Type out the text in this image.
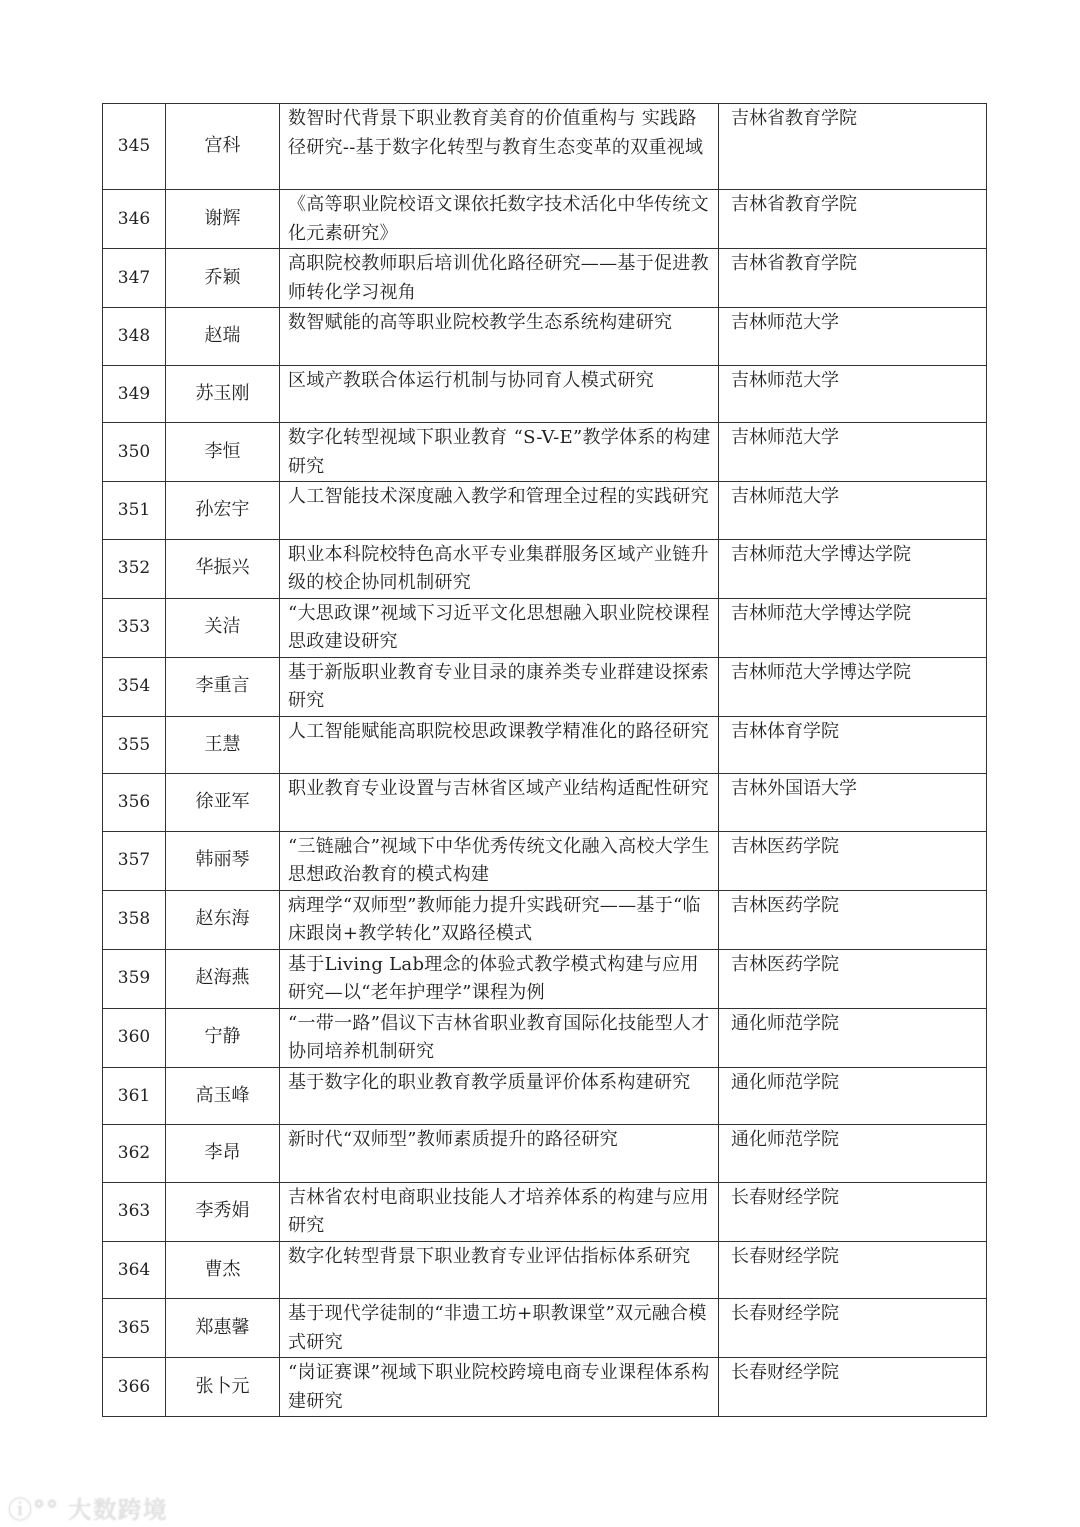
345	宫科	数智时代背景下职业教育美育的价值重构与 实践路径研究--基于数字化转型与教育生态变革的双重视域	吉林省教育学院
346	谢辉	《高等职业院校语文课依托数字技术活化中华传统文化元素研究》	吉林省教育学院
347	乔颖	高职院校教师职后培训优化路径研究——基于促进教师转化学习视角	吉林省教育学院
348	赵瑞	数智赋能的高等职业院校教学生态系统构建研究	吉林师范大学
349	苏玉刚	区域产教联合体运行机制与协同育人模式研究	吉林师范大学
350	李恒	数字化转型视域下职业教育 “S-V-E”教学体系的构建研究	吉林师范大学
351	孙宏宇	人工智能技术深度融入教学和管理全过程的实践研究	吉林师范大学
352	华振兴	职业本科院校特色高水平专业集群服务区域产业链升级的校企协同机制研究	吉林师范大学博达学院
353	关洁	“大思政课”视域下习近平文化思想融入职业院校课程思政建设研究	吉林师范大学博达学院
354	李重言	基于新版职业教育专业目录的康养类专业群建设探索研究	吉林师范大学博达学院
355	王慧	人工智能赋能高职院校思政课教学精准化的路径研究	吉林体育学院
356	徐亚军	职业教育专业设置与吉林省区域产业结构适配性研究	吉林外国语大学
357	韩丽琴	“三链融合”视域下中华优秀传统文化融入高校大学生思想政治教育的模式构建	吉林医药学院
358	赵东海	病理学“双师型”教师能力提升实践研究——基于“临床跟岗+教学转化”双路径模式	吉林医药学院
359	赵海燕	基于Living Lab理念的体验式教学模式构建与应用研究—以“老年护理学”课程为例	吉林医药学院
360	宁静	“一带一路”倡议下吉林省职业教育国际化技能型人才协同培养机制研究	通化师范学院
361	高玉峰	基于数字化的职业教育教学质量评价体系构建研究	通化师范学院
362	李昂	新时代“双师型”教师素质提升的路径研究	通化师范学院
363	李秀娟	吉林省农村电商职业技能人才培养体系的构建与应用研究	长春财经学院
364	曹杰	数字化转型背景下职业教育专业评估指标体系研究	长春财经学院
365	郑惠馨	基于现代学徒制的“非遗工坊+职教课堂”双元融合模式研究	长春财经学院
366	张卜元	“岗证赛课”视域下职业院校跨境电商专业课程体系构建研究	长春财经学院
ⓘ°° 大数跨境
